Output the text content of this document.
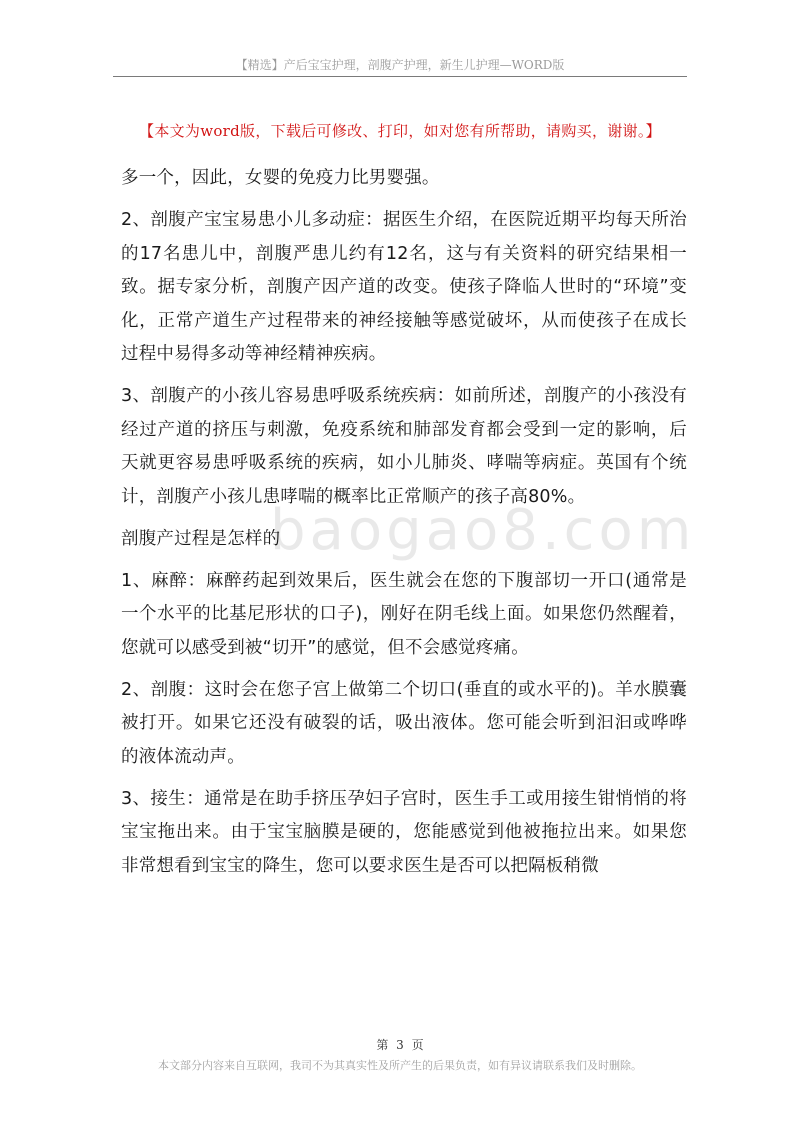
【精选】产后宝宝护理，剖腹产护理，新生儿护理—WORD版
【本文为word版，下载后可修改、打印，如对您有所帮助，请购买，谢谢。】
baogao8.com

多一个，因此，女婴的免疫力比男婴强。

2、剖腹产宝宝易患小儿多动症：据医生介绍，在医院近期平均每天所治的17名患儿中，剖腹严患儿约有12名，这与有关资料的研究结果相一致。据专家分析，剖腹产因产道的改变。使孩子降临人世时的“环境”变化，正常产道生产过程带来的神经接触等感觉破坏，从而使孩子在成长过程中易得多动等神经精神疾病。

3、剖腹产的小孩儿容易患呼吸系统疾病：如前所述，剖腹产的小孩没有经过产道的挤压与刺激，免疫系统和肺部发育都会受到一定的影响，后天就更容易患呼吸系统的疾病，如小儿肺炎、哮喘等病症。英国有个统计，剖腹产小孩儿患哮喘的概率比正常顺产的孩子高80%。

剖腹产过程是怎样的

1、麻醉：麻醉药起到效果后，医生就会在您的下腹部切一开口(通常是一个水平的比基尼形状的口子)，刚好在阴毛线上面。如果您仍然醒着，您就可以感受到被“切开”的感觉，但不会感觉疼痛。

2、剖腹：这时会在您子宫上做第二个切口(垂直的或水平的)。羊水膜囊被打开。如果它还没有破裂的话，吸出液体。您可能会听到汩汩或哗哗的液体流动声。

3、接生：通常是在助手挤压孕妇子宫时，医生手工或用接生钳悄悄的将宝宝拖出来。由于宝宝脑膜是硬的，您能感觉到他被拖拉出来。如果您非常想看到宝宝的降生，您可以要求医生是否可以把隔板稍微

第 3 页
本文部分内容来自互联网，我司不为其真实性及所产生的后果负责，如有异议请联系我们及时删除。
